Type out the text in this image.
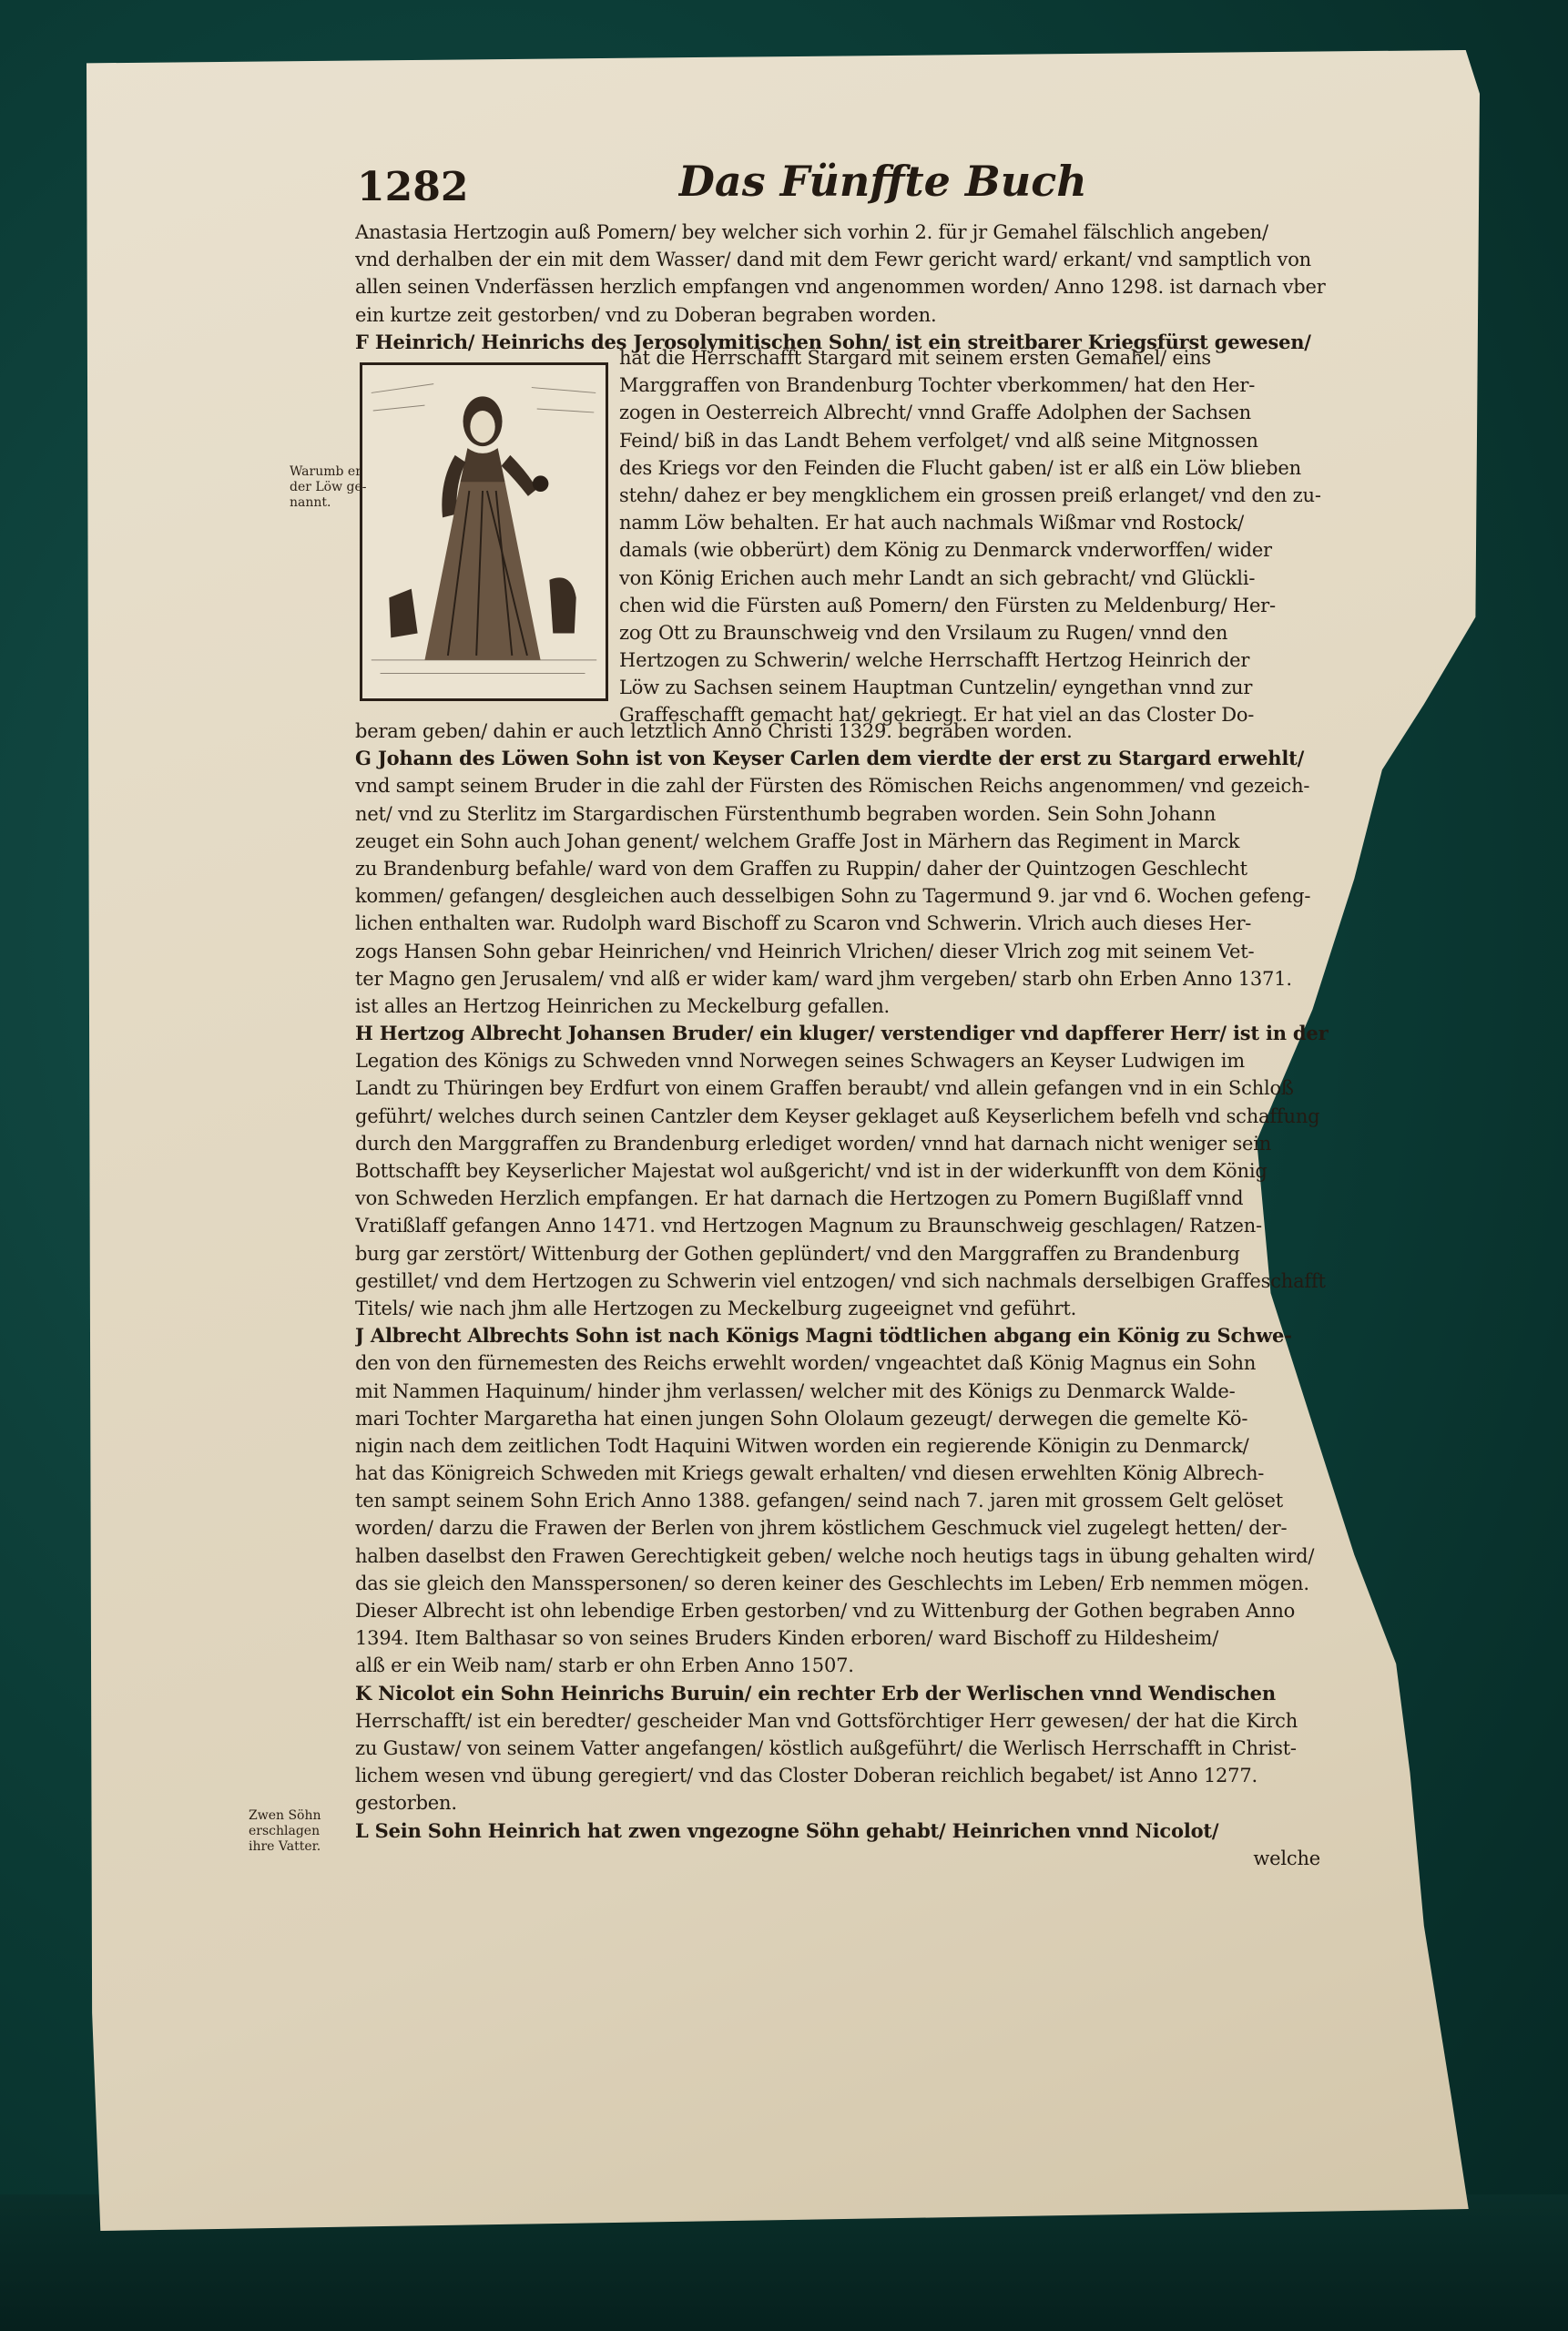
1282	Das Fünffte Buch
Anastasia Hertzogin auß Pomern/ bey welcher sich vorhin 2. für jr Gemahel fälschlich angeben/
vnd derhalben der ein mit dem Wasser/ dand mit dem Fewr gericht ward/ erkant/ vnd samptlich von
allen seinen Vnderfässen herzlich empfangen vnd angenommen worden/ Anno 1298. ist darnach vber
ein kurtze zeit gestorben/ vnd zu Doberan begraben worden.
F Heinrich/ Heinrichs des Jerosolymitischen Sohn/ ist ein streitbarer Kriegsfürst gewesen/
hat die Herrschafft Stargard mit seinem ersten Gemahel/ eins
Marggraffen von Brandenburg Tochter vberkommen/ hat den Her-
zogen in Oesterreich Albrecht/ vnnd Graffe Adolphen der Sachsen
Feind/ biß in das Landt Behem verfolget/ vnd alß seine Mitgnossen
des Kriegs vor den Feinden die Flucht gaben/ ist er alß ein Löw blieben
stehn/ dahez er bey mengklichem ein grossen preiß erlanget/ vnd den zu-
namm Löw behalten. Er hat auch nachmals Wißmar vnd Rostock/
damals (wie obberürt) dem König zu Denmarck vnderworffen/ wider
von König Erichen auch mehr Landt an sich gebracht/ vnd Glückli-
chen wid die Fürsten auß Pomern/ den Fürsten zu Meldenburg/ Her-
zog Ott zu Braunschweig vnd den Vrsilaum zu Rugen/ vnnd den
Hertzogen zu Schwerin/ welche Herrschafft Hertzog Heinrich der
Löw zu Sachsen seinem Hauptman Cuntzelin/ eyngethan vnnd zur
Graffeschafft gemacht hat/ gekriegt. Er hat viel an das Closter Do-
beram geben/ dahin er auch letztlich Anno Christi 1329. begraben worden.
G Johann des Löwen Sohn ist von Keyser Carlen dem vierdte der erst zu Stargard erwehlt/
vnd sampt seinem Bruder in die zahl der Fürsten des Römischen Reichs angenommen/ vnd gezeich-
net/ vnd zu Sterlitz im Stargardischen Fürstenthumb begraben worden. Sein Sohn Johann
zeuget ein Sohn auch Johan genent/ welchem Graffe Jost in Märhern das Regiment in Marck
zu Brandenburg befahle/ ward von dem Graffen zu Ruppin/ daher der Quintzogen Geschlecht
kommen/ gefangen/ desgleichen auch desselbigen Sohn zu Tagermund 9. jar vnd 6. Wochen gefeng-
lichen enthalten war. Rudolph ward Bischoff zu Scaron vnd Schwerin. Vlrich auch dieses Her-
zogs Hansen Sohn gebar Heinrichen/ vnd Heinrich Vlrichen/ dieser Vlrich zog mit seinem Vet-
ter Magno gen Jerusalem/ vnd alß er wider kam/ ward jhm vergeben/ starb ohn Erben Anno 1371.
ist alles an Hertzog Heinrichen zu Meckelburg gefallen.
H Hertzog Albrecht Johansen Bruder/ ein kluger/ verstendiger vnd dapfferer Herr/ ist in der
Legation des Königs zu Schweden vnnd Norwegen seines Schwagers an Keyser Ludwigen im
Landt zu Thüringen bey Erdfurt von einem Graffen beraubt/ vnd allein gefangen vnd in ein Schloß
geführt/ welches durch seinen Cantzler dem Keyser geklaget auß Keyserlichem befelh vnd schaffung
durch den Marggraffen zu Brandenburg erlediget worden/ vnnd hat darnach nicht weniger sein
Bottschafft bey Keyserlicher Majestat wol außgericht/ vnd ist in der widerkunfft von dem König
von Schweden Herzlich empfangen. Er hat darnach die Hertzogen zu Pomern Bugißlaff vnnd
Vratißlaff gefangen Anno 1471. vnd Hertzogen Magnum zu Braunschweig geschlagen/ Ratzen-
burg gar zerstört/ Wittenburg der Gothen geplündert/ vnd den Marggraffen zu Brandenburg
gestillet/ vnd dem Hertzogen zu Schwerin viel entzogen/ vnd sich nachmals derselbigen Graffeschafft
Titels/ wie nach jhm alle Hertzogen zu Meckelburg zugeeignet vnd geführt.
J Albrecht Albrechts Sohn ist nach Königs Magni tödtlichen abgang ein König zu Schwe-
den von den fürnemesten des Reichs erwehlt worden/ vngeachtet daß König Magnus ein Sohn
mit Nammen Haquinum/ hinder jhm verlassen/ welcher mit des Königs zu Denmarck Walde-
mari Tochter Margaretha hat einen jungen Sohn Ololaum gezeugt/ derwegen die gemelte Kö-
nigin nach dem zeitlichen Todt Haquini Witwen worden ein regierende Königin zu Denmarck/
hat das Königreich Schweden mit Kriegs gewalt erhalten/ vnd diesen erwehlten König Albrech-
ten sampt seinem Sohn Erich Anno 1388. gefangen/ seind nach 7. jaren mit grossem Gelt gelöset
worden/ darzu die Frawen der Berlen von jhrem köstlichem Geschmuck viel zugelegt hetten/ der-
halben daselbst den Frawen Gerechtigkeit geben/ welche noch heutigs tags in übung gehalten wird/
das sie gleich den Mansspersonen/ so deren keiner des Geschlechts im Leben/ Erb nemmen mögen.
Dieser Albrecht ist ohn lebendige Erben gestorben/ vnd zu Wittenburg der Gothen begraben Anno
1394. Item Balthasar so von seines Bruders Kinden erboren/ ward Bischoff zu Hildesheim/
alß er ein Weib nam/ starb er ohn Erben Anno 1507.
K Nicolot ein Sohn Heinrichs Buruin/ ein rechter Erb der Werlischen vnnd Wendischen
Herrschafft/ ist ein beredter/ gescheider Man vnd Gottsförchtiger Herr gewesen/ der hat die Kirch
zu Gustaw/ von seinem Vatter angefangen/ köstlich außgeführt/ die Werlisch Herrschafft in Christ-
lichem wesen vnd übung geregiert/ vnd das Closter Doberan reichlich begabet/ ist Anno 1277.
gestorben.
L Sein Sohn Heinrich hat zwen vngezogne Söhn gehabt/ Heinrichen vnnd Nicolot/
welche
Warumb er
der Löw ge-
nannt.
Zwen Söhn
erschlagen
ihre Vatter.
